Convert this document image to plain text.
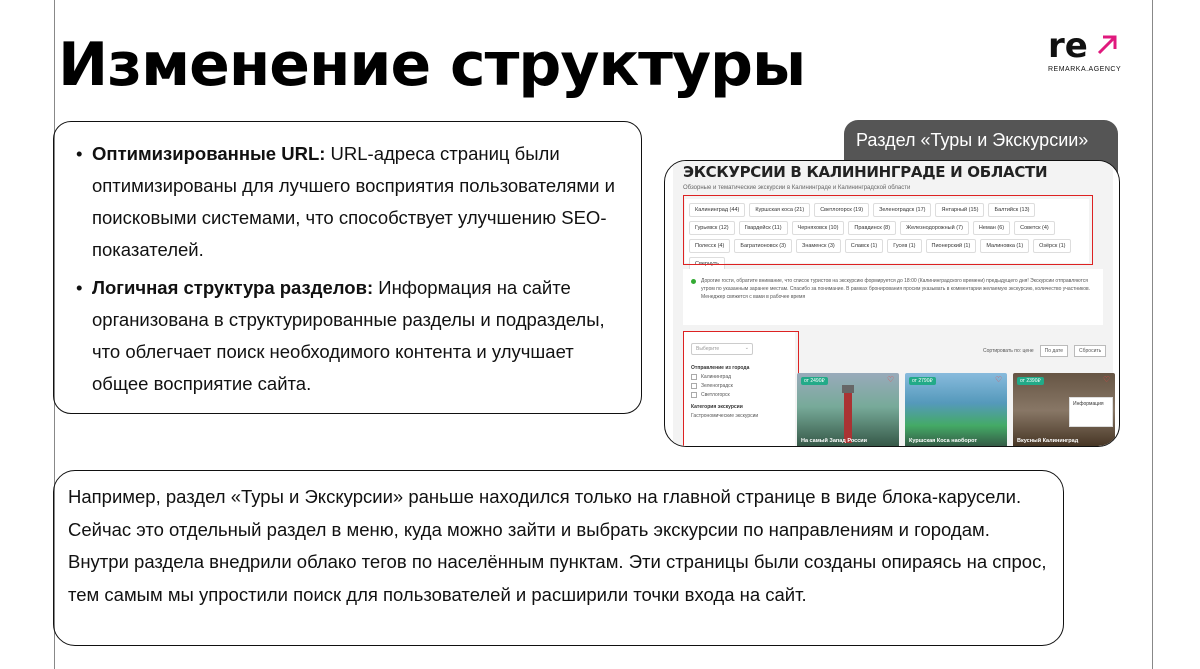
Изменение структуры	re
REMARKA.AGENCY
• Оптимизированные URL: URL-адреса страниц были оптимизированы для лучшего восприятия пользователями и поисковыми системами, что способствует улучшению SEO-показателей.
• Логичная структура разделов: Информация на сайте организована в структурированные разделы и подразделы, что облегчает поиск необходимого контента и улучшает общее восприятие сайта.
Раздел «Туры и Экскурсии»
ЭКСКУРСИИ В КАЛИНИНГРАДЕ И ОБЛАСТИ
Обзорные и тематические экскурсии в Калининграде и Калининградской области
Калининград (44)	Куршская коса (21)	Светлогорск (19)	Зеленоградск (17)	Янтарный (15)	Балтийск (13)
Гурьевск (12)	Гвардейск (11)	Черняховск (10)	Правдинск (8)	Железнодорожный (7)	Неман (6)	Советск (4)
Полесск (4)	Багратионовск (3)	Знаменск (3)	Славск (1)	Гусев (1)	Пионерский (1)	Малиновка (1)	Озёрск (1)
Свернуть
Дорогие гости, обратите внимание, что список туристов на экскурсию формируется до 18:00 (Калининградского времени) предыдущего дня! Экскурсии отправляются утром по указанным заранее местам. Спасибо за понимание. В рамках бронирования просим указывать в комментарии желаемую экскурсию, количество участников. Менеджер свяжется с вами в рабочее время
Выберите	⌄
Отправление из города
Калининград
Зеленоградск
Светлогорск
Категория экскурсии
Гастрономические экскурсии
Сортировать по: цене	По дате	Сбросить
от 2490₽	♡
На самый Запад России
от 2790₽	♡
Куршская Коса наоборот
от 2390₽	♡
Вкусный Калининград
Информация

Например, раздел «Туры и Экскурсии» раньше находился только на главной странице в виде блока-карусели. Сейчас это отдельный раздел в меню, куда можно зайти и выбрать экскурсии по направлениям и городам. Внутри раздела внедрили облако тегов по населённым пунктам. Эти страницы были созданы опираясь на спрос, тем самым мы упростили поиск для пользователей и расширили точки входа на сайт.
